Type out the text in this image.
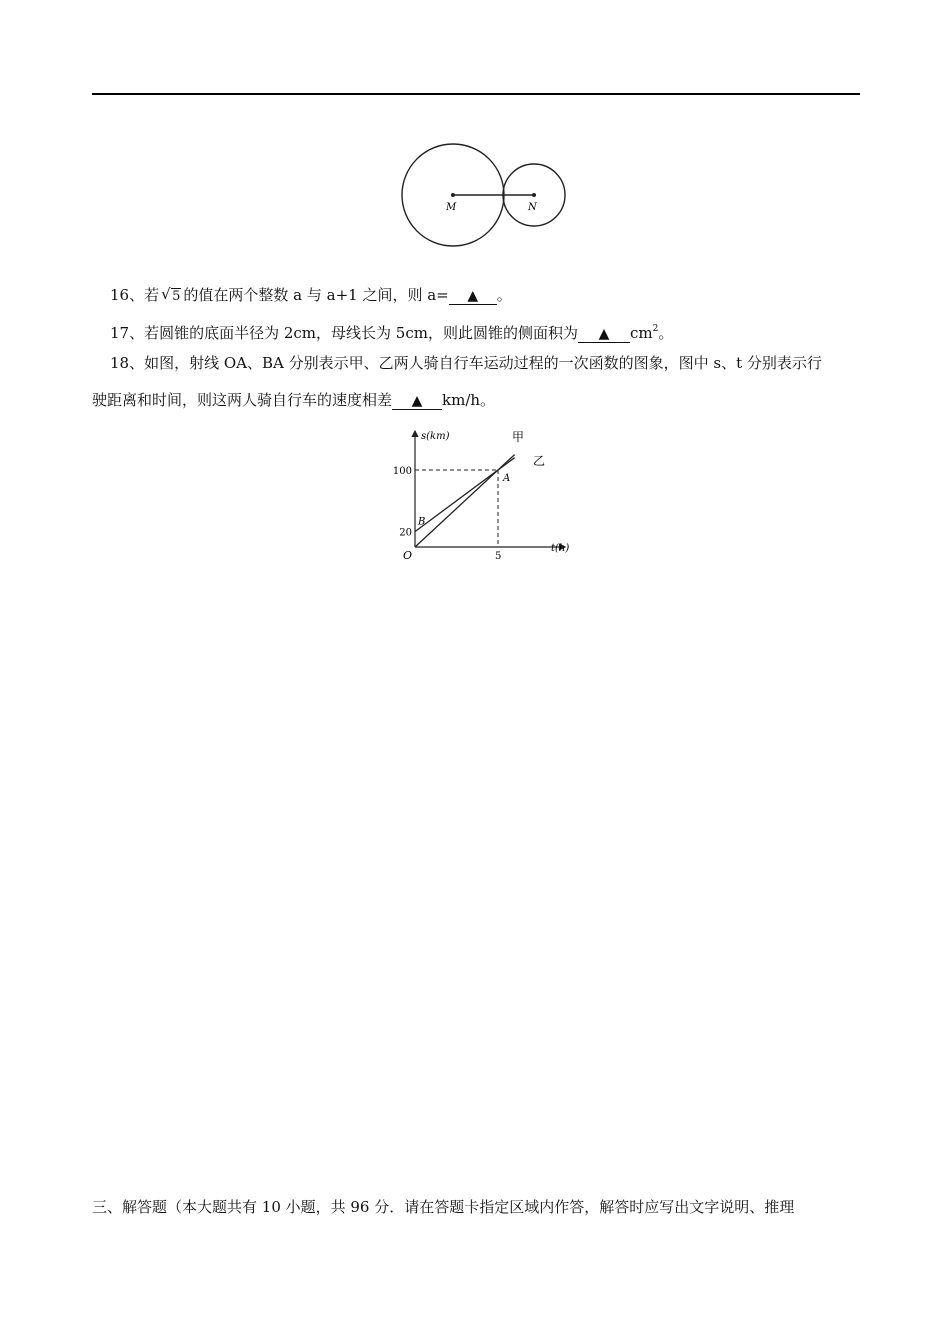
M	N
16、若 √ 5 的值在两个整数 a 与 a+1 之间，则 a= ▲ 。
17、若圆锥的底面半径为 2cm，母线长为 5cm，则此圆锥的侧面积为 ▲ $cm^2$。
18、如图，射线 OA、BA 分别表示甲、乙两人骑自行车运动过程的一次函数的图象，图中 s、t 分别表示行
驶距离和时间，则这两人骑自行车的速度相差 ▲ km/h。
s(km)
t(h)
O
20
100
5
甲
乙
A
B
三、解答题（本大题共有 10 小题，共 96 分．请在答题卡指定区域内作答，解答时应写出文字说明、推理
